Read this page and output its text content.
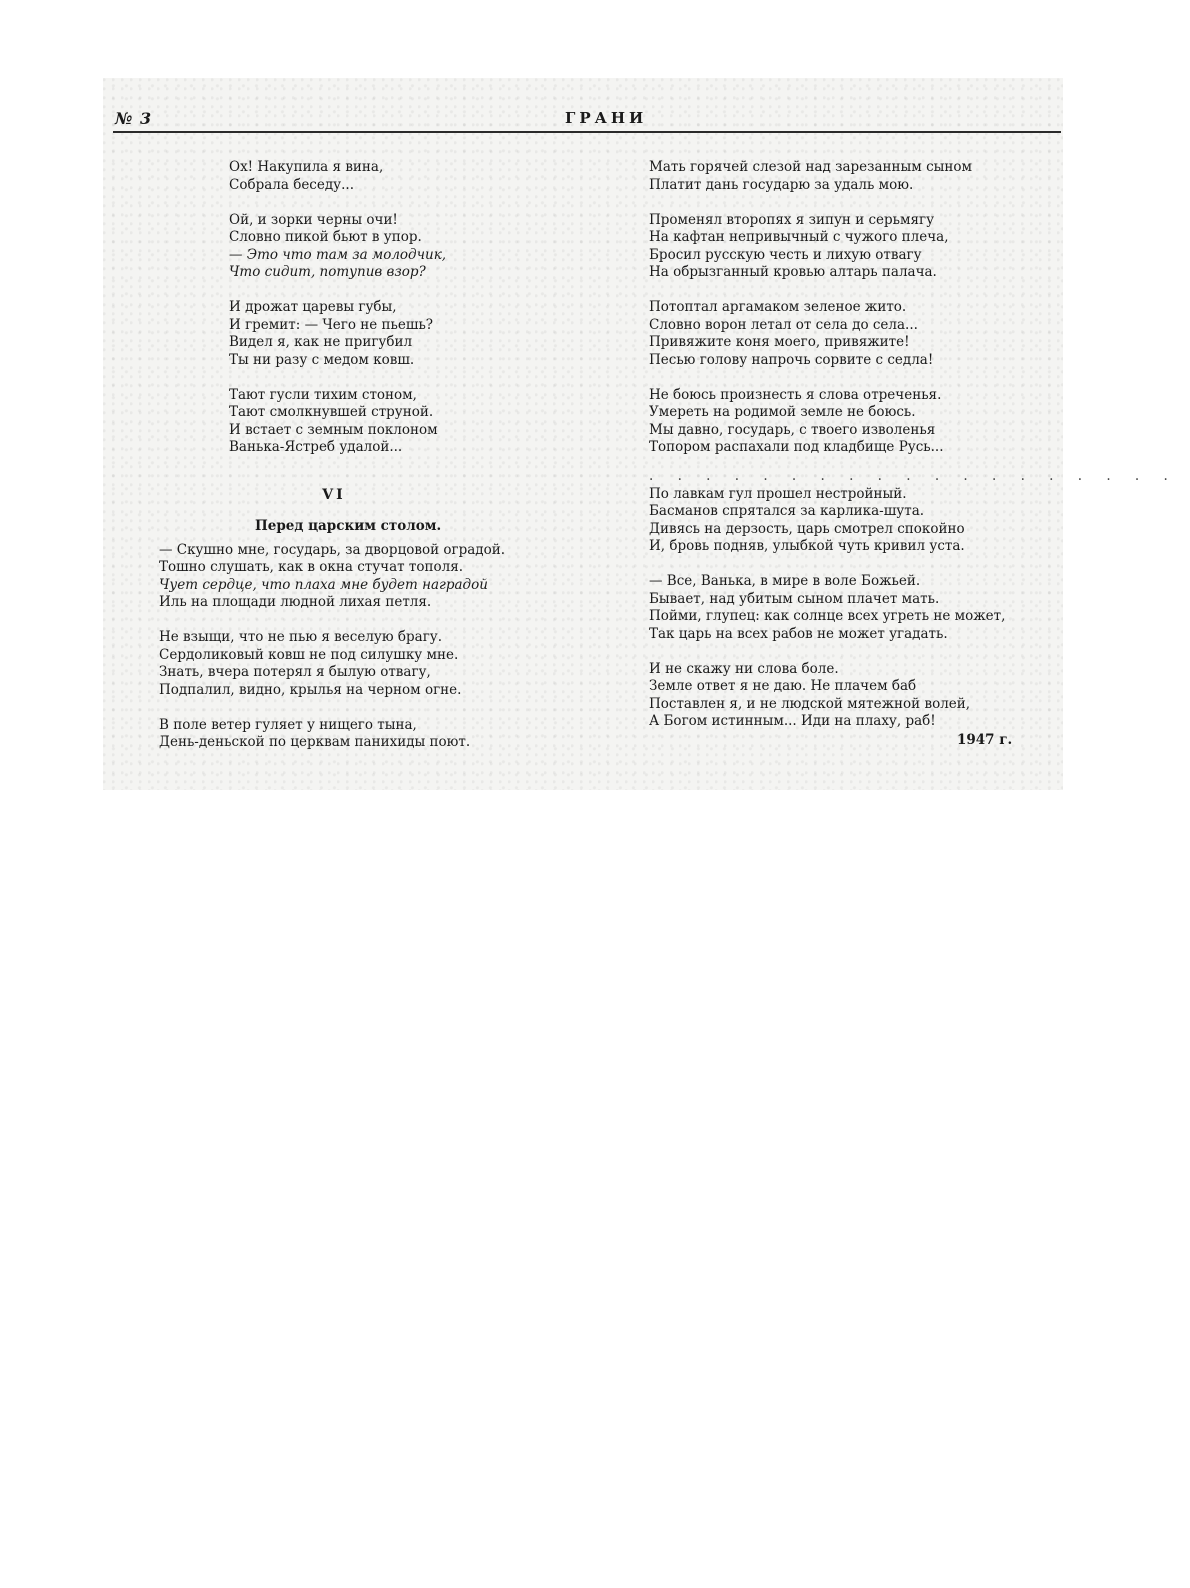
№ 3	ГРАНИ
Ох! Накупила я вина,
Собрала беседу...
Ой, и зорки черны очи!
Словно пикой бьют в упор.
— Это что там за молодчик,
Что сидит, потупив взор?
И дрожат царевы губы,
И гремит: — Чего не пьешь?
Видел я, как не пригубил
Ты ни разу с медом ковш.
Тают гусли тихим стоном,
Тают смолкнувшей струной.
И встает с земным поклоном
Ванька-Ястреб удалой...
VI
Перед царским столом.
— Скушно мне, государь, за дворцовой оградой.
Тошно слушать, как в окна стучат тополя.
Чует сердце, что плаха мне будет наградой
Иль на площади людной лихая петля.
Не взыщи, что не пью я веселую брагу.
Сердоликовый ковш не под силушку мне.
Знать, вчера потерял я былую отвагу,
Подпалил, видно, крылья на черном огне.
В поле ветер гуляет у нищего тына,
День-деньской по церквам панихиды поют.
Мать горячей слезой над зарезанным сыном
Платит дань государю за удаль мою.
Променял второпях я зипун и серьмягу
На кафтан непривычный с чужого плеча,
Бросил русскую честь и лихую отвагу
На обрызганный кровью алтарь палача.
Потоптал аргамаком зеленое жито.
Словно ворон летал от села до села...
Привяжите коня моего, привяжите!
Песью голову напрочь сорвите с седла!
Не боюсь произнесть я слова отреченья.
Умереть на родимой земле не боюсь.
Мы давно, государь, с твоего изволенья
Топором распахали под кладбище Русь...
. . . . . . . . . . . . . . . . . . .
По лавкам гул прошел нестройный.
Басманов спрятался за карлика-шута.
Дивясь на дерзость, царь смотрел спокойно
И, бровь подняв, улыбкой чуть кривил уста.
— Все, Ванька, в мире в воле Божьей.
Бывает, над убитым сыном плачет мать.
Пойми, глупец: как солнце всех угреть не может,
Так царь на всех рабов не может угадать.
И не скажу ни слова боле.
Земле ответ я не даю. Не плачем баб
Поставлен я, и не людской мятежной волей,
А Богом истинным... Иди на плаху, раб!
1947 г.
